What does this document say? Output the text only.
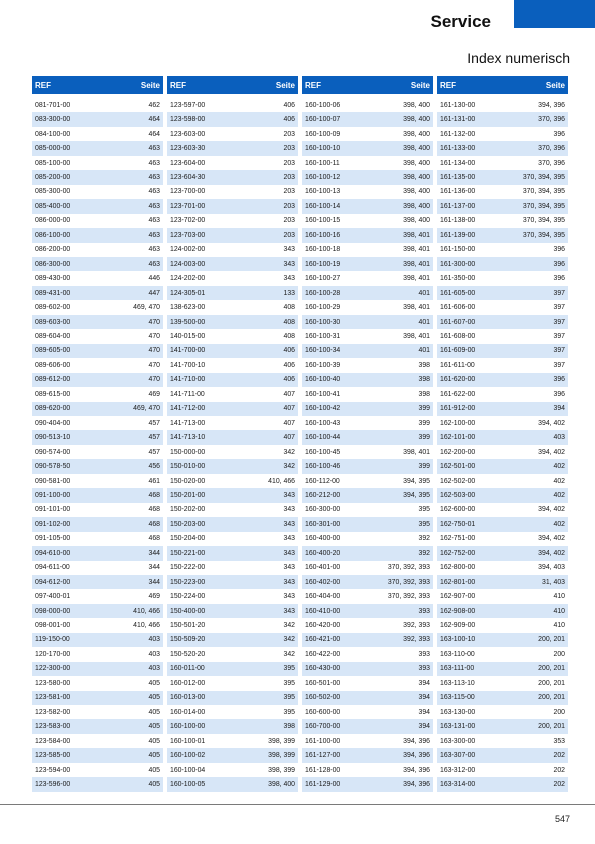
Service
Index numerisch
REF	Seite
081-701-00	462
083-300-00	464
084-100-00	464
085-000-00	463
085-100-00	463
085-200-00	463
085-300-00	463
085-400-00	463
086-000-00	463
086-100-00	463
086-200-00	463
086-300-00	463
089-430-00	446
089-431-00	447
089-602-00	469, 470
089-603-00	470
089-604-00	470
089-605-00	470
089-606-00	470
089-612-00	470
089-615-00	469
089-620-00	469, 470
090-404-00	457
090-513-10	457
090-574-00	457
090-578-50	456
090-581-00	461
091-100-00	468
091-101-00	468
091-102-00	468
091-105-00	468
094-610-00	344
094-611-00	344
094-612-00	344
097-400-01	469
098-000-00	410, 466
098-001-00	410, 466
119-150-00	403
120-170-00	403
122-300-00	403
123-580-00	405
123-581-00	405
123-582-00	405
123-583-00	405
123-584-00	405
123-585-00	405
123-594-00	405
123-596-00	405
REF	Seite
123-597-00	406
123-598-00	406
123-603-00	203
123-603-30	203
123-604-00	203
123-604-30	203
123-700-00	203
123-701-00	203
123-702-00	203
123-703-00	203
124-002-00	343
124-003-00	343
124-202-00	343
124-305-01	133
138-623-00	408
139-500-00	408
140-015-00	408
141-700-00	406
141-700-10	406
141-710-00	406
141-711-00	407
141-712-00	407
141-713-00	407
141-713-10	407
150-000-00	342
150-010-00	342
150-020-00	410, 466
150-201-00	343
150-202-00	343
150-203-00	343
150-204-00	343
150-221-00	343
150-222-00	343
150-223-00	343
150-224-00	343
150-400-00	343
150-501-20	342
150-509-20	342
150-520-20	342
160-011-00	395
160-012-00	395
160-013-00	395
160-014-00	395
160-100-00	398
160-100-01	398, 399
160-100-02	398, 399
160-100-04	398, 399
160-100-05	398, 400
REF	Seite
160-100-06	398, 400
160-100-07	398, 400
160-100-09	398, 400
160-100-10	398, 400
160-100-11	398, 400
160-100-12	398, 400
160-100-13	398, 400
160-100-14	398, 400
160-100-15	398, 400
160-100-16	398, 401
160-100-18	398, 401
160-100-19	398, 401
160-100-27	398, 401
160-100-28	401
160-100-29	398, 401
160-100-30	401
160-100-31	398, 401
160-100-34	401
160-100-39	398
160-100-40	398
160-100-41	398
160-100-42	399
160-100-43	399
160-100-44	399
160-100-45	398, 401
160-100-46	399
160-112-00	394, 395
160-212-00	394, 395
160-300-00	395
160-301-00	395
160-400-00	392
160-400-20	392
160-401-00	370, 392, 393
160-402-00	370, 392, 393
160-404-00	370, 392, 393
160-410-00	393
160-420-00	392, 393
160-421-00	392, 393
160-422-00	393
160-430-00	393
160-501-00	394
160-502-00	394
160-600-00	394
160-700-00	394
161-100-00	394, 396
161-127-00	394, 396
161-128-00	394, 396
161-129-00	394, 396
REF	Seite
161-130-00	394, 396
161-131-00	370, 396
161-132-00	396
161-133-00	370, 396
161-134-00	370, 396
161-135-00	370, 394, 395
161-136-00	370, 394, 395
161-137-00	370, 394, 395
161-138-00	370, 394, 395
161-139-00	370, 394, 395
161-150-00	396
161-300-00	396
161-350-00	396
161-605-00	397
161-606-00	397
161-607-00	397
161-608-00	397
161-609-00	397
161-611-00	397
161-620-00	396
161-622-00	396
161-912-00	394
162-100-00	394, 402
162-101-00	403
162-200-00	394, 402
162-501-00	402
162-502-00	402
162-503-00	402
162-600-00	394, 402
162-750-01	402
162-751-00	394, 402
162-752-00	394, 402
162-800-00	394, 403
162-801-00	31, 403
162-907-00	410
162-908-00	410
162-909-00	410
163-100-10	200, 201
163-110-00	200
163-111-00	200, 201
163-113-10	200, 201
163-115-00	200, 201
163-130-00	200
163-131-00	200, 201
163-300-00	353
163-307-00	202
163-312-00	202
163-314-00	202
547
